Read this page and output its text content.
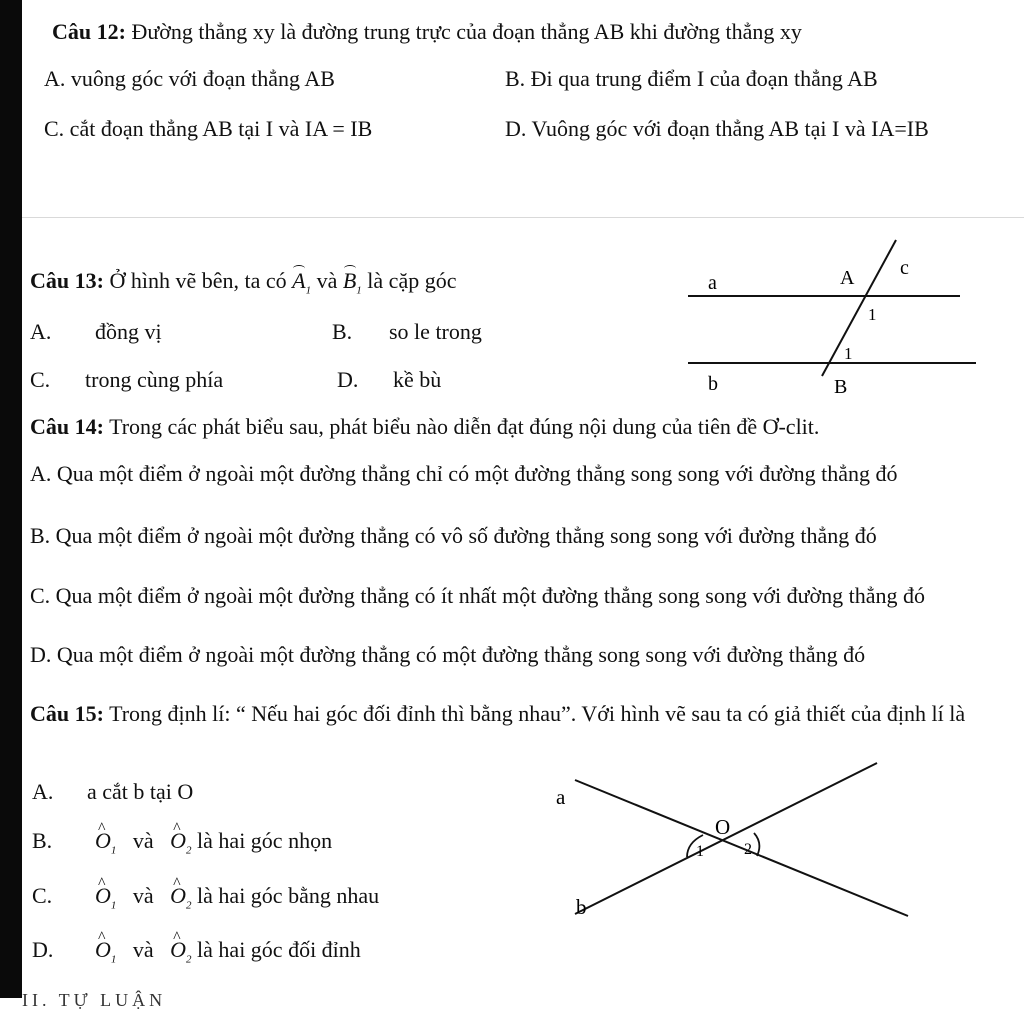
Câu 12: Đường thẳng xy là đường trung trực của đoạn thẳng AB khi đường thẳng xy
A. vuông góc với đoạn thẳng AB	B. Đi qua trung điểm I của đoạn thẳng AB
C. cắt đoạn thẳng AB tại I và IA = IB	D. Vuông góc với đoạn thẳng AB tại I và IA=IB
Câu 13: Ở hình vẽ bên, ta có $A_1$ và $B_1$ là cặp góc
A. đồng vị	B. so le trong
C. trong cùng phía	D. kề bù
a
b
c
A
B
1
1
Câu 14: Trong các phát biểu sau, phát biểu nào diễn đạt đúng nội dung của tiên đề Ơ-clit.
A. Qua một điểm ở ngoài một đường thẳng chỉ có một đường thẳng song song với đường thẳng đó
B. Qua một điểm ở ngoài một đường thẳng có vô số đường thẳng song song với đường thẳng đó
C. Qua một điểm ở ngoài một đường thẳng có ít nhất một đường thẳng song song với đường thẳng đó
D. Qua một điểm ở ngoài một đường thẳng có một đường thẳng song song với đường thẳng đó
Câu 15: Trong định lí: “ Nếu hai góc đối đỉnh thì bằng nhau”. Với hình vẽ sau ta có giả thiết của định lí là
A. a cắt b tại O
B. ^ $O_1$ và ^ $O_2$ là hai góc nhọn
C. ^ $O_1$ và ^ $O_2$ là hai góc bằng nhau
D. ^ $O_1$ và ^ $O_2$ là hai góc đối đỉnh
a
b
O
1	2
II. TỰ LUẬN
